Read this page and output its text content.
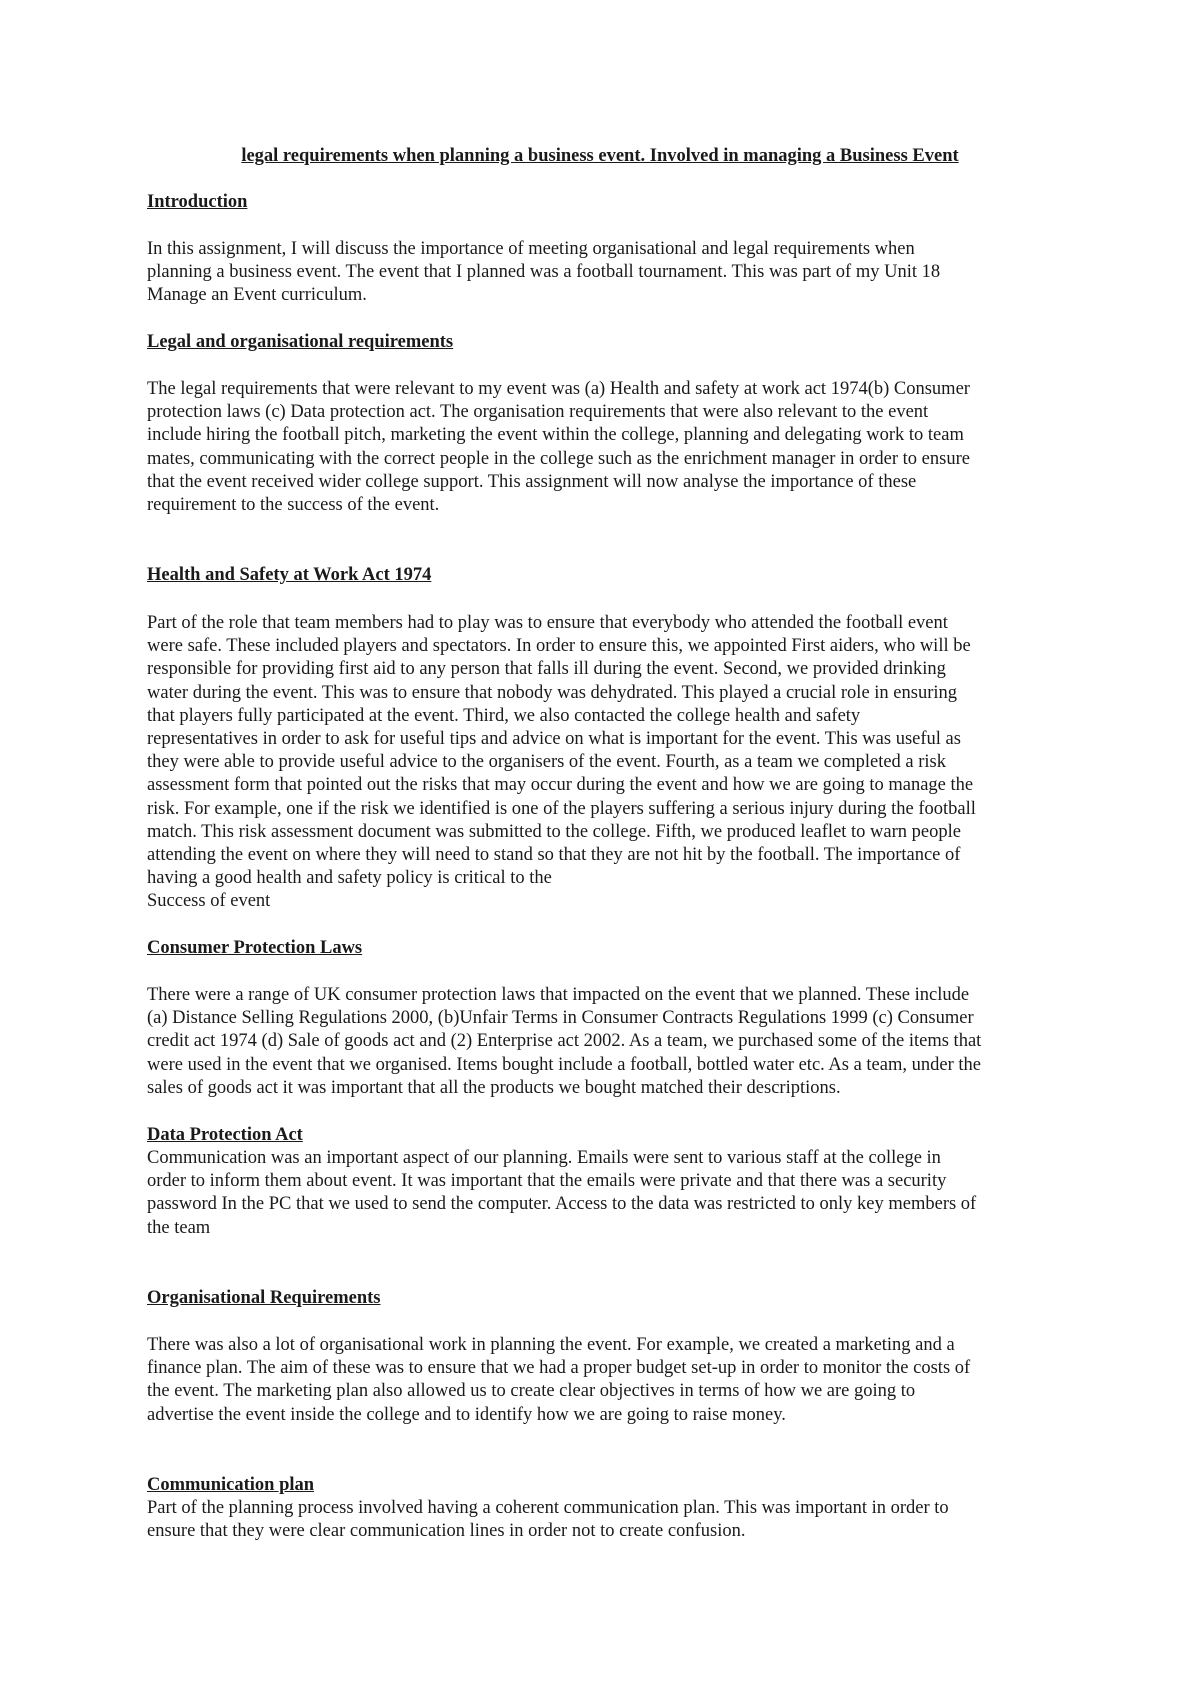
legal requirements when planning a business event. Involved in managing a Business Event
Introduction

In this assignment, I will discuss the importance of meeting organisational and legal requirements when
planning a business event. The event that I planned was a football tournament. This was part of my Unit 18
Manage an Event curriculum.

Legal and organisational requirements

The legal requirements that were relevant to my event was (a) Health and safety at work act 1974(b) Consumer
protection laws (c) Data protection act. The organisation requirements that were also relevant to the event
include hiring the football pitch, marketing the event within the college, planning and delegating work to team
mates, communicating with the correct people in the college such as the enrichment manager in order to ensure
that the event received wider college support. This assignment will now analyse the importance of these
requirement to the success of the event.

Health and Safety at Work Act 1974

Part of the role that team members had to play was to ensure that everybody who attended the football event
were safe. These included players and spectators. In order to ensure this, we appointed First aiders, who will be
responsible for providing first aid to any person that falls ill during the event. Second, we provided drinking
water during the event. This was to ensure that nobody was dehydrated. This played a crucial role in ensuring
that players fully participated at the event. Third, we also contacted the college health and safety
representatives in order to ask for useful tips and advice on what is important for the event. This was useful as
they were able to provide useful advice to the organisers of the event. Fourth, as a team we completed a risk
assessment form that pointed out the risks that may occur during the event and how we are going to manage the
risk. For example, one if the risk we identified is one of the players suffering a serious injury during the football
match. This risk assessment document was submitted to the college. Fifth, we produced leaflet to warn people
attending the event on where they will need to stand so that they are not hit by the football. The importance of
having a good health and safety policy is critical to the
Success of event

Consumer Protection Laws

There were a range of UK consumer protection laws that impacted on the event that we planned. These include
(a) Distance Selling Regulations 2000, (b)Unfair Terms in Consumer Contracts Regulations 1999 (c) Consumer
credit act 1974 (d) Sale of goods act and (2) Enterprise act 2002. As a team, we purchased some of the items that
were used in the event that we organised. Items bought include a football, bottled water etc. As a team, under the
sales of goods act it was important that all the products we bought matched their descriptions.

Data Protection Act

Communication was an important aspect of our planning. Emails were sent to various staff at the college in
order to inform them about event. It was important that the emails were private and that there was a security
password In the PC that we used to send the computer. Access to the data was restricted to only key members of
the team

Organisational Requirements

There was also a lot of organisational work in planning the event. For example, we created a marketing and a
finance plan. The aim of these was to ensure that we had a proper budget set-up in order to monitor the costs of
the event. The marketing plan also allowed us to create clear objectives in terms of how we are going to
advertise the event inside the college and to identify how we are going to raise money.

Communication plan

Part of the planning process involved having a coherent communication plan. This was important in order to
ensure that they were clear communication lines in order not to create confusion.
